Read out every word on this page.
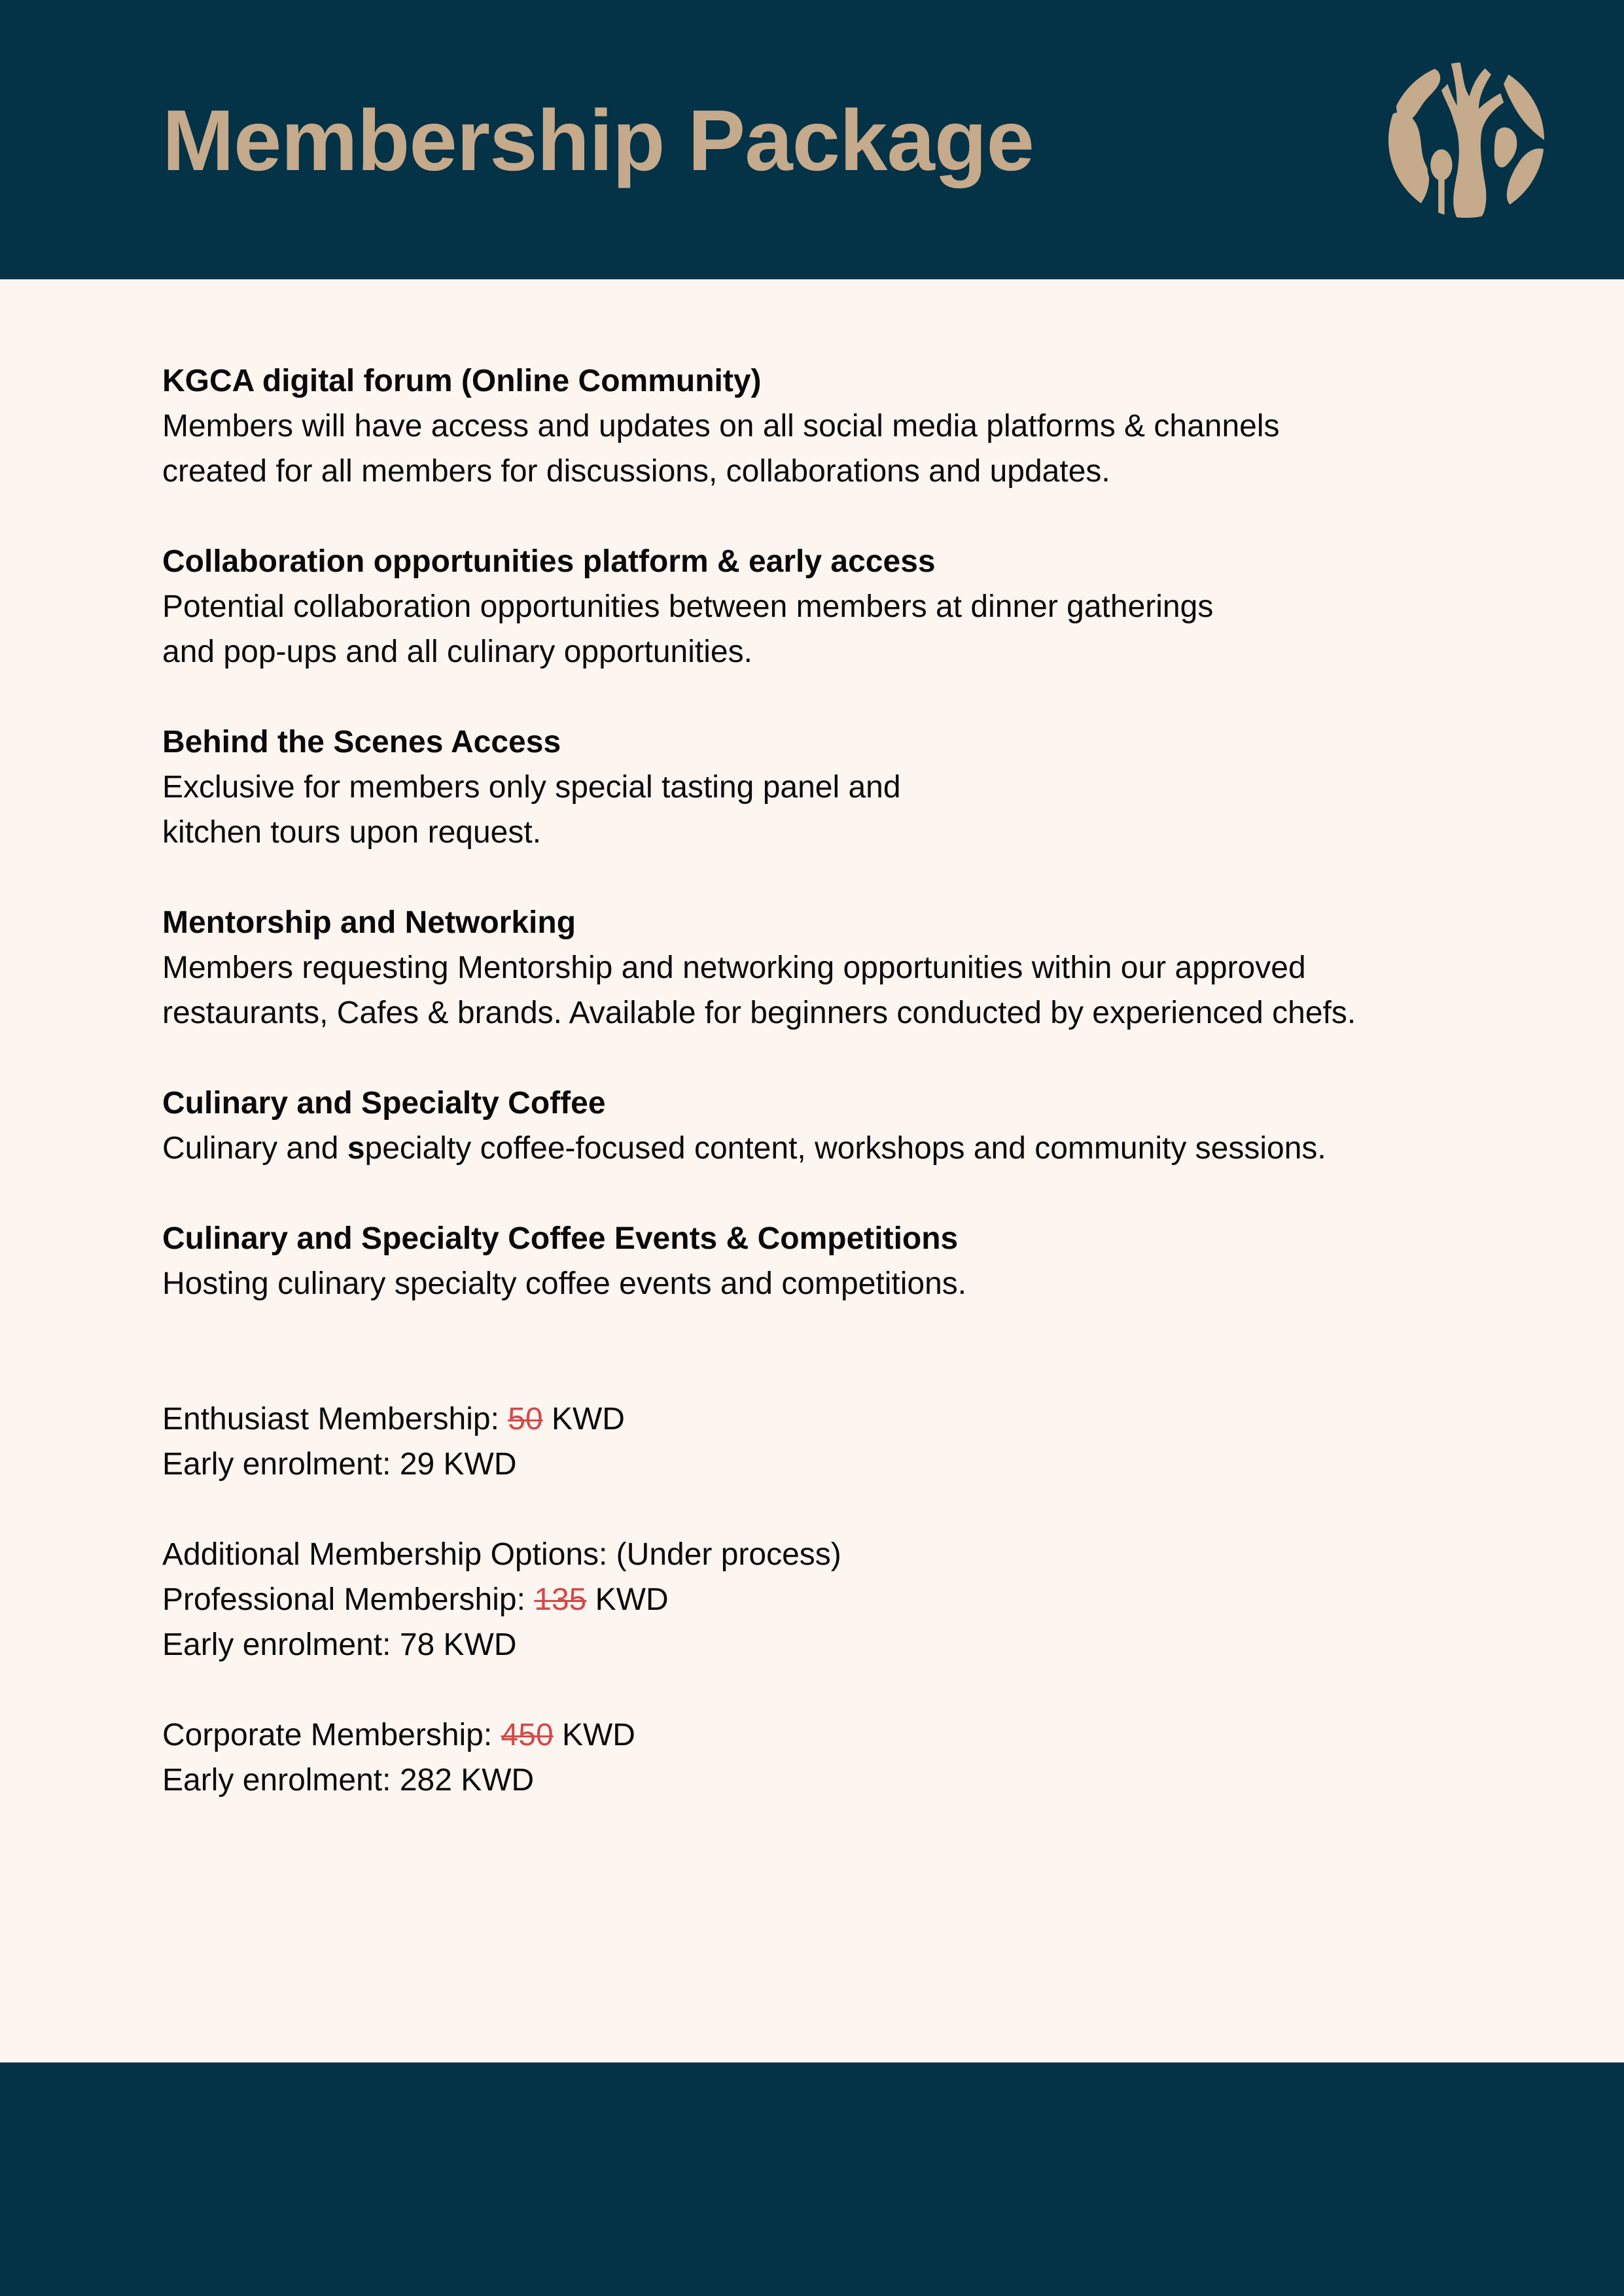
Membership Package
KGCA digital forum (Online Community)
Members will have access and updates on all social media platforms & channels
created for all members for discussions, collaborations and updates.
Collaboration opportunities platform & early access
Potential collaboration opportunities between members at dinner gatherings
and pop-ups and all culinary opportunities.
Behind the Scenes Access
Exclusive for members only special tasting panel and
kitchen tours upon request.
Mentorship and Networking
Members requesting Mentorship and networking opportunities within our approved
restaurants, Cafes & brands. Available for beginners conducted by experienced chefs.
Culinary and Specialty Coffee
Culinary and specialty coffee-focused content, workshops and community sessions.
Culinary and Specialty Coffee Events & Competitions
Hosting culinary specialty coffee events and competitions.
Enthusiast Membership: 50 KWD
Early enrolment: 29 KWD
Additional Membership Options: (Under process)
Professional Membership: 135 KWD
Early enrolment: 78 KWD
Corporate Membership: 450 KWD
Early enrolment: 282 KWD
